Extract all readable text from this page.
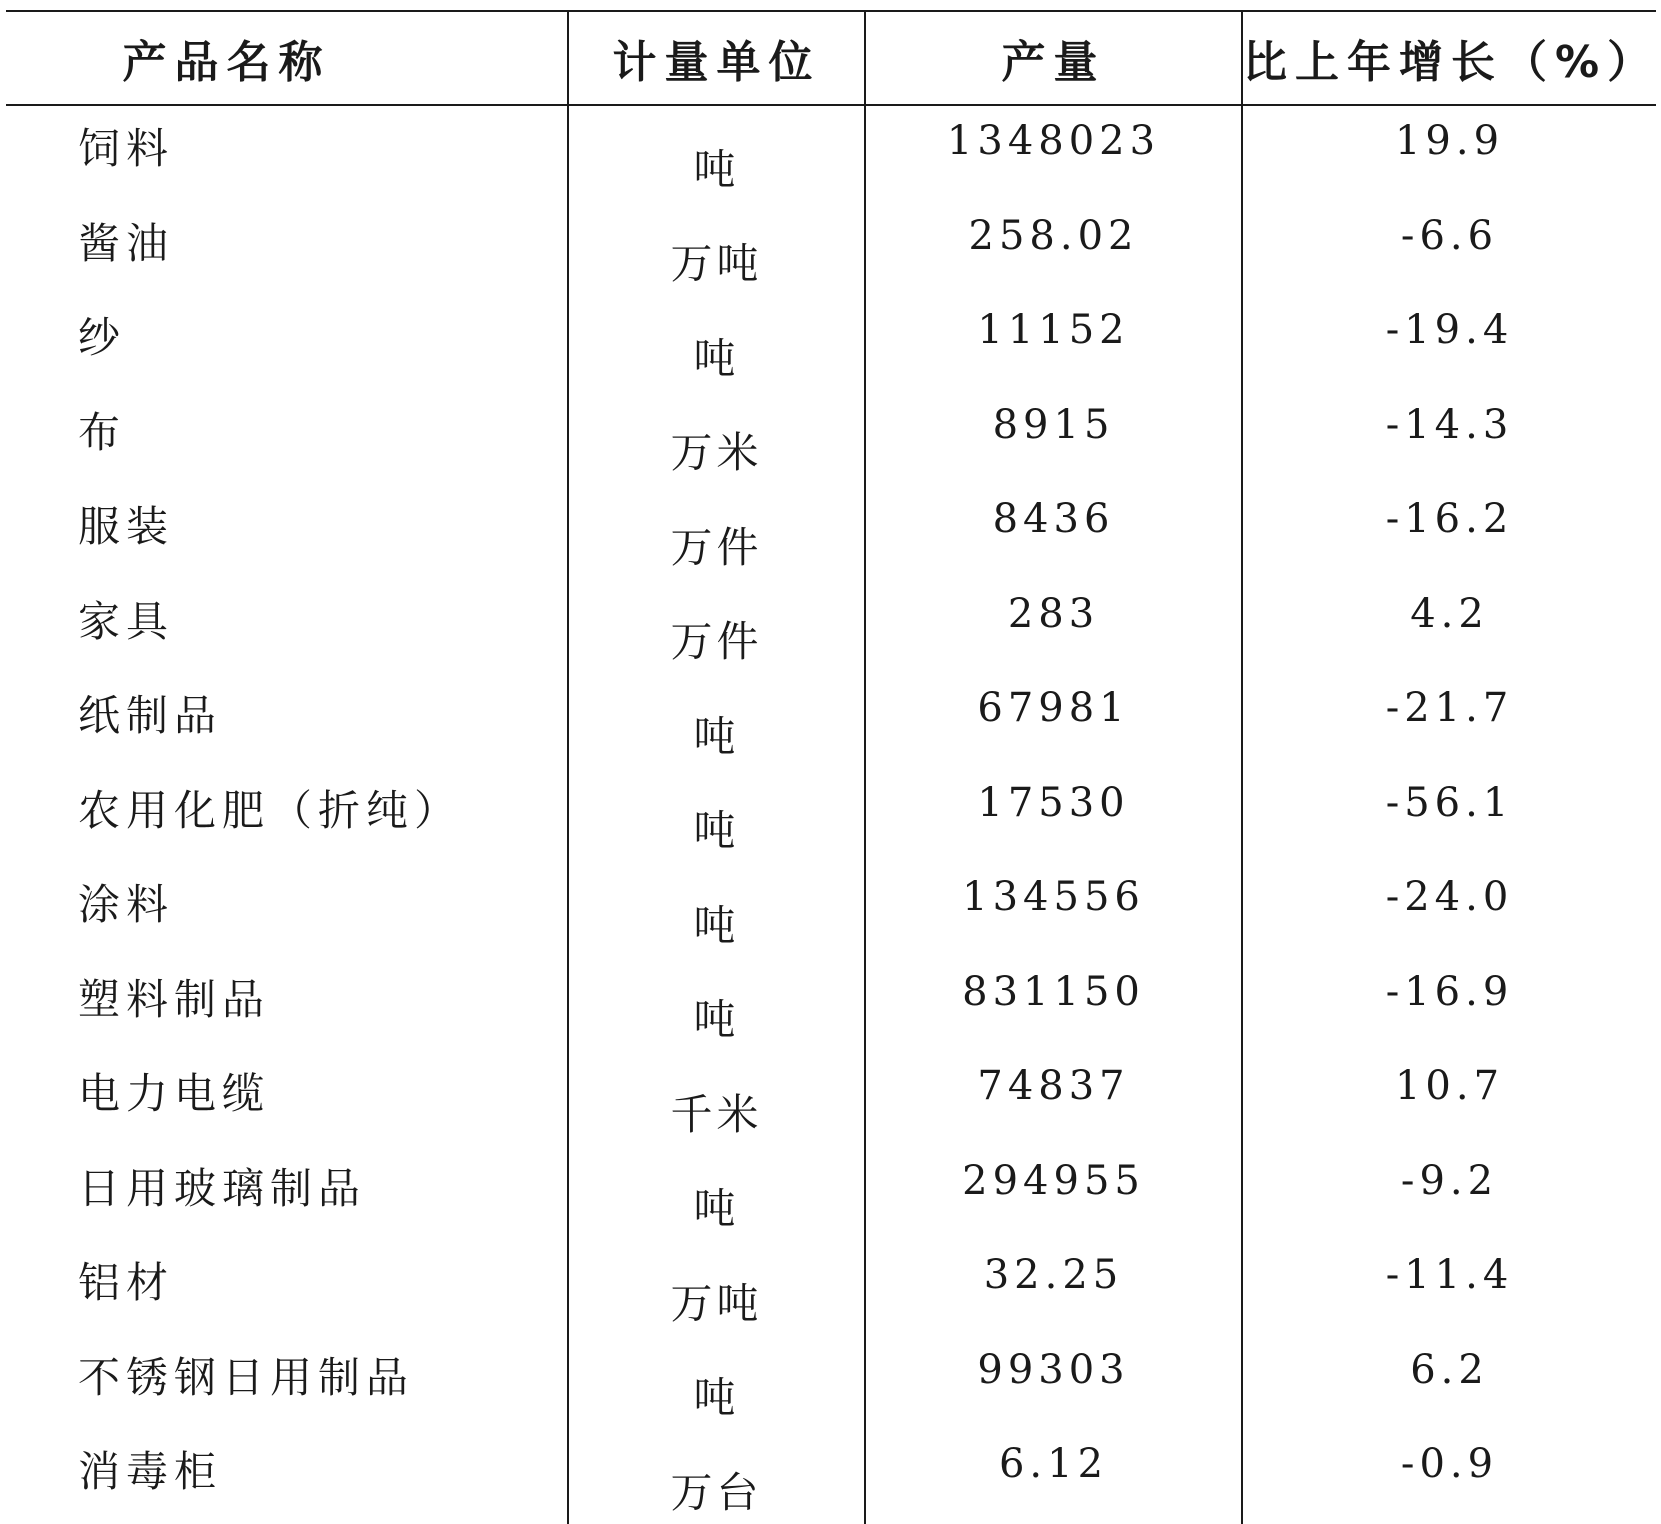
产品名称	计量单位	产量	比上年增长（%）
饲料	吨	1348023	19.9
酱油	万吨	258.02	-6.6
纱	吨	11152	-19.4
布	万米	8915	-14.3
服装	万件	8436	-16.2
家具	万件	283	4.2
纸制品	吨	67981	-21.7
农用化肥（折纯）	吨	17530	-56.1
涂料	吨	134556	-24.0
塑料制品	吨	831150	-16.9
电力电缆	千米	74837	10.7
日用玻璃制品	吨	294955	-9.2
铝材	万吨	32.25	-11.4
不锈钢日用制品	吨	99303	6.2
消毒柜	万台	6.12	-0.9
